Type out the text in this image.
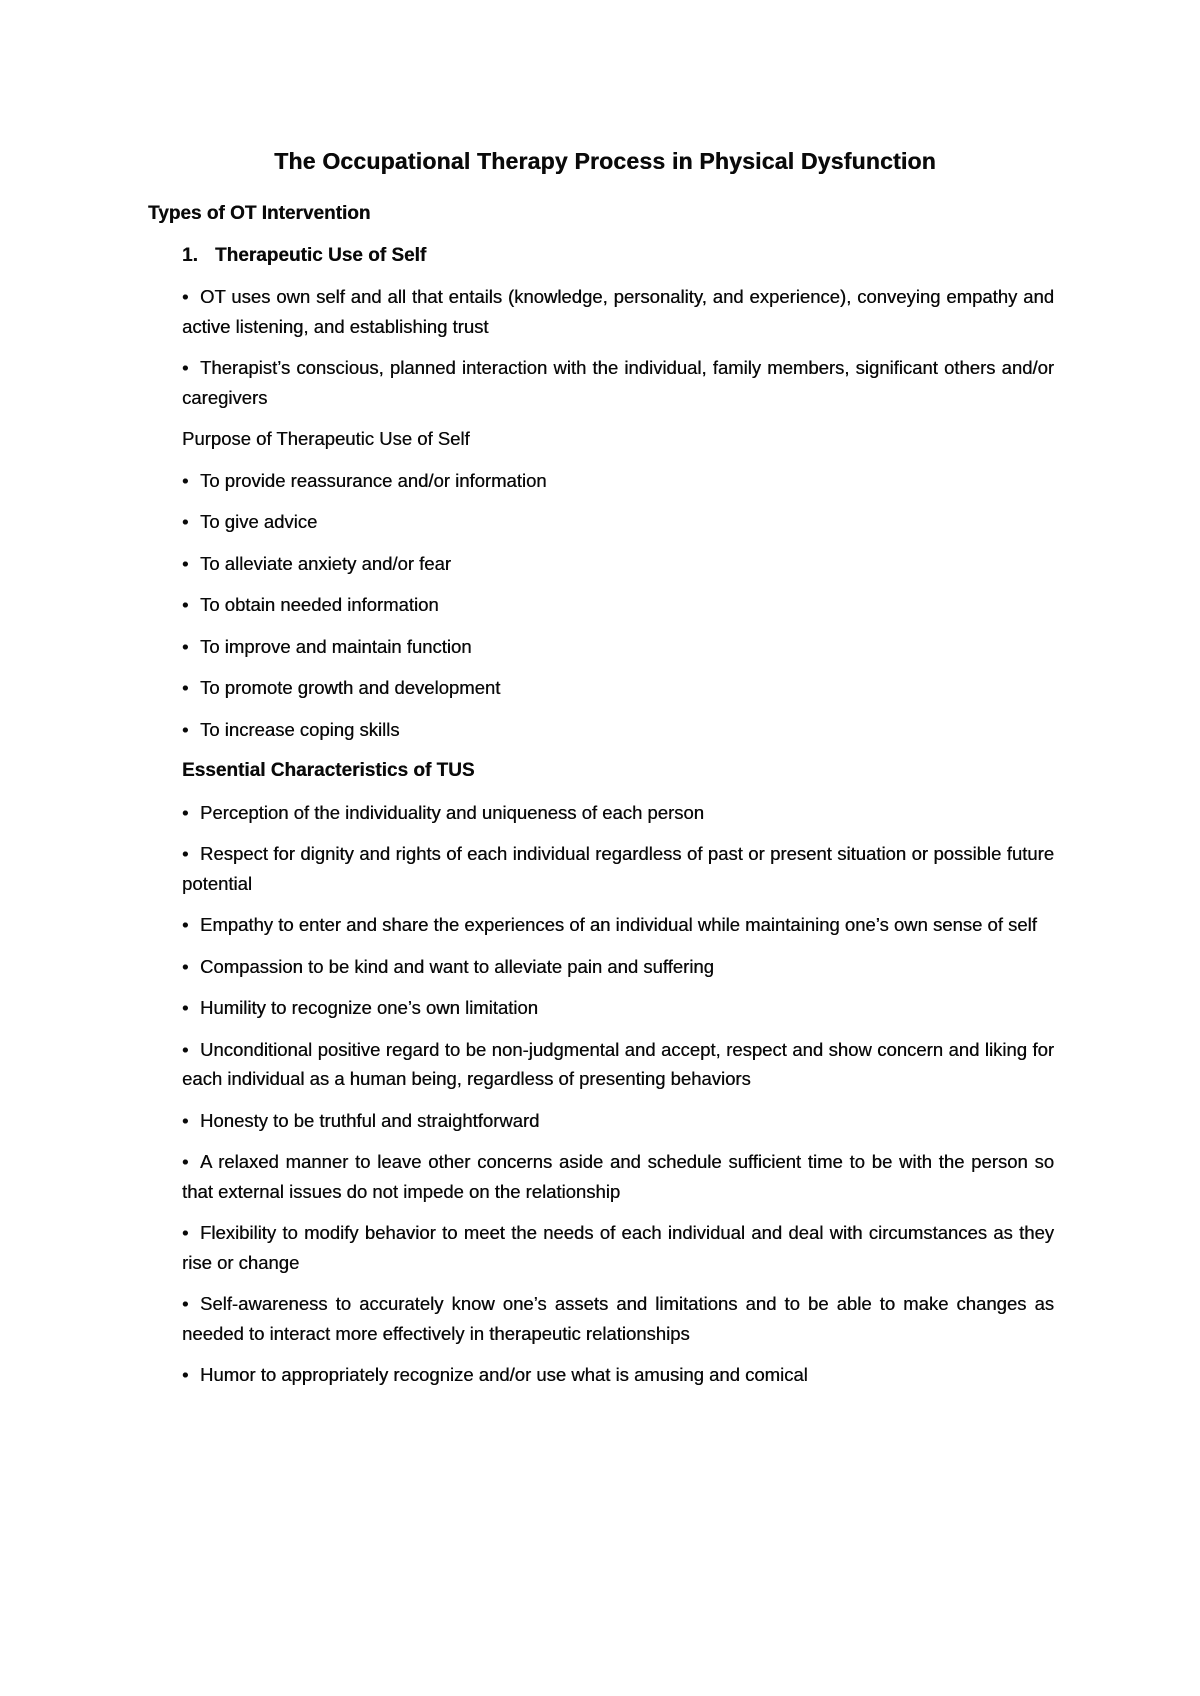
The Occupational Therapy Process in Physical Dysfunction

Types of OT Intervention

1. Therapeutic Use of Self

• OT uses own self and all that entails (knowledge, personality, and experience), conveying empathy and active listening, and establishing trust

• Therapist’s conscious, planned interaction with the individual, family members, significant others and/or caregivers

Purpose of Therapeutic Use of Self

• To provide reassurance and/or information

• To give advice

• To alleviate anxiety and/or fear

• To obtain needed information

• To improve and maintain function

• To promote growth and development

• To increase coping skills

Essential Characteristics of TUS

• Perception of the individuality and uniqueness of each person

• Respect for dignity and rights of each individual regardless of past or present situation or possible future potential

• Empathy to enter and share the experiences of an individual while maintaining one’s own sense of self

• Compassion to be kind and want to alleviate pain and suffering

• Humility to recognize one’s own limitation

• Unconditional positive regard to be non-judgmental and accept, respect and show concern and liking for each individual as a human being, regardless of presenting behaviors

• Honesty to be truthful and straightforward

• A relaxed manner to leave other concerns aside and schedule sufficient time to be with the person so that external issues do not impede on the relationship

• Flexibility to modify behavior to meet the needs of each individual and deal with circumstances as they rise or change

• Self-awareness to accurately know one’s assets and limitations and to be able to make changes as needed to interact more effectively in therapeutic relationships

• Humor to appropriately recognize and/or use what is amusing and comical
